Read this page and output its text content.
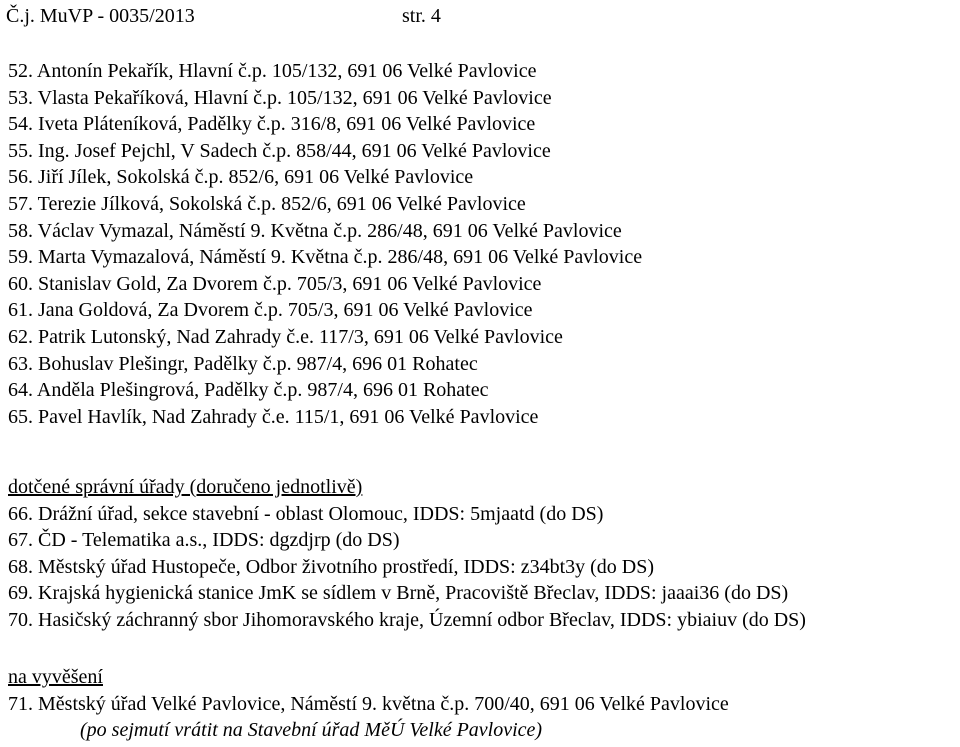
Č.j. MuVP - 0035/2013	str. 4
52. Antonín Pekařík, Hlavní č.p. 105/132, 691 06 Velké Pavlovice
53. Vlasta Pekaříková, Hlavní č.p. 105/132, 691 06 Velké Pavlovice
54. Iveta Pláteníková, Padělky č.p. 316/8, 691 06 Velké Pavlovice
55. Ing. Josef Pejchl, V Sadech č.p. 858/44, 691 06 Velké Pavlovice
56. Jiří Jílek, Sokolská č.p. 852/6, 691 06 Velké Pavlovice
57. Terezie Jílková, Sokolská č.p. 852/6, 691 06 Velké Pavlovice
58. Václav Vymazal, Náměstí 9. Května č.p. 286/48, 691 06 Velké Pavlovice
59. Marta Vymazalová, Náměstí 9. Května č.p. 286/48, 691 06 Velké Pavlovice
60. Stanislav Gold, Za Dvorem č.p. 705/3, 691 06 Velké Pavlovice
61. Jana Goldová, Za Dvorem č.p. 705/3, 691 06 Velké Pavlovice
62. Patrik Lutonský, Nad Zahrady č.e. 117/3, 691 06 Velké Pavlovice
63. Bohuslav Plešingr, Padělky č.p. 987/4, 696 01 Rohatec
64. Anděla Plešingrová, Padělky č.p. 987/4, 696 01 Rohatec
65. Pavel Havlík, Nad Zahrady č.e. 115/1, 691 06 Velké Pavlovice
dotčené správní úřady (doručeno jednotlivě)
66. Drážní úřad, sekce stavební - oblast Olomouc, IDDS: 5mjaatd (do DS)
67. ČD - Telematika a.s., IDDS: dgzdjrp (do DS)
68. Městský úřad Hustopeče, Odbor životního prostředí, IDDS: z34bt3y (do DS)
69. Krajská hygienická stanice JmK se sídlem v Brně, Pracoviště Břeclav, IDDS: jaaai36 (do DS)
70. Hasičský záchranný sbor Jihomoravského kraje, Územní odbor Břeclav, IDDS: ybiaiuv (do DS)
na vyvěšení
71. Městský úřad Velké Pavlovice, Náměstí 9. května č.p. 700/40, 691 06 Velké Pavlovice
(po sejmutí vrátit na Stavební úřad MěÚ Velké Pavlovice)
